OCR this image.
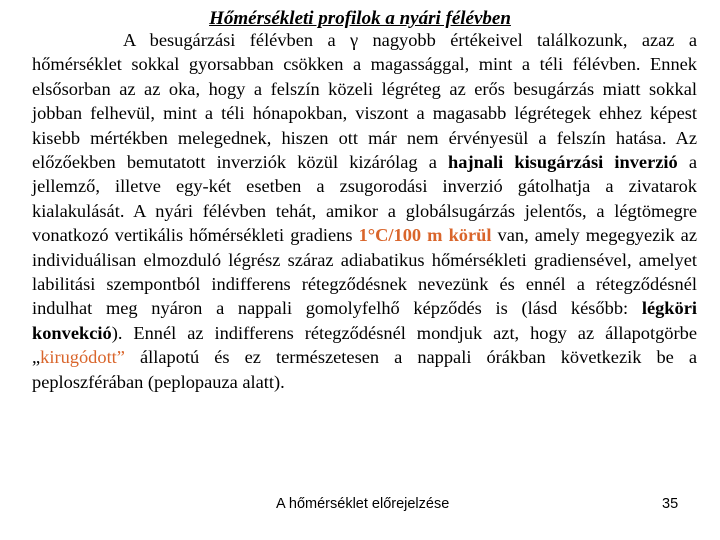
Hőmérsékleti profilok a nyári félévben
A besugárzási félévben a γ nagyobb értékeivel találkozunk, azaz a hőmérséklet sokkal gyorsabban csökken a magassággal, mint a téli félévben. Ennek elsősorban az az oka, hogy a felszín közeli légréteg az erős besugárzás miatt sokkal jobban felhevül, mint a téli hónapokban, viszont a magasabb légrétegek ehhez képest kisebb mértékben melegednek, hiszen ott már nem érvényesül a felszín hatása. Az előzőekben bemutatott inverziók közül kizárólag a hajnali kisugárzási inverzió a jellemző, illetve egy-két esetben a zsugorodási inverzió gátolhatja a zivatarok kialakulását. A nyári félévben tehát, amikor a globálsugárzás jelentős, a légtömegre vonatkozó vertikális hőmérsékleti gradiens 1°C/100 m körül van, amely megegyezik az individuálisan elmozduló légrész száraz adiabatikus hőmérsékleti gradiensével, amelyet labilitási szempontból indifferens rétegződésnek nevezünk és ennél a rétegződésnél indulhat meg nyáron a nappali gomolyfelhő képződés is (lásd később: légköri konvekció). Ennél az indifferens rétegződésnél mondjuk azt, hogy az állapotgörbe „kirugódott” állapotú és ez természetesen a nappali órákban következik be a peploszférában (peplopauza alatt).
A hőmérséklet előrejelzése	35
